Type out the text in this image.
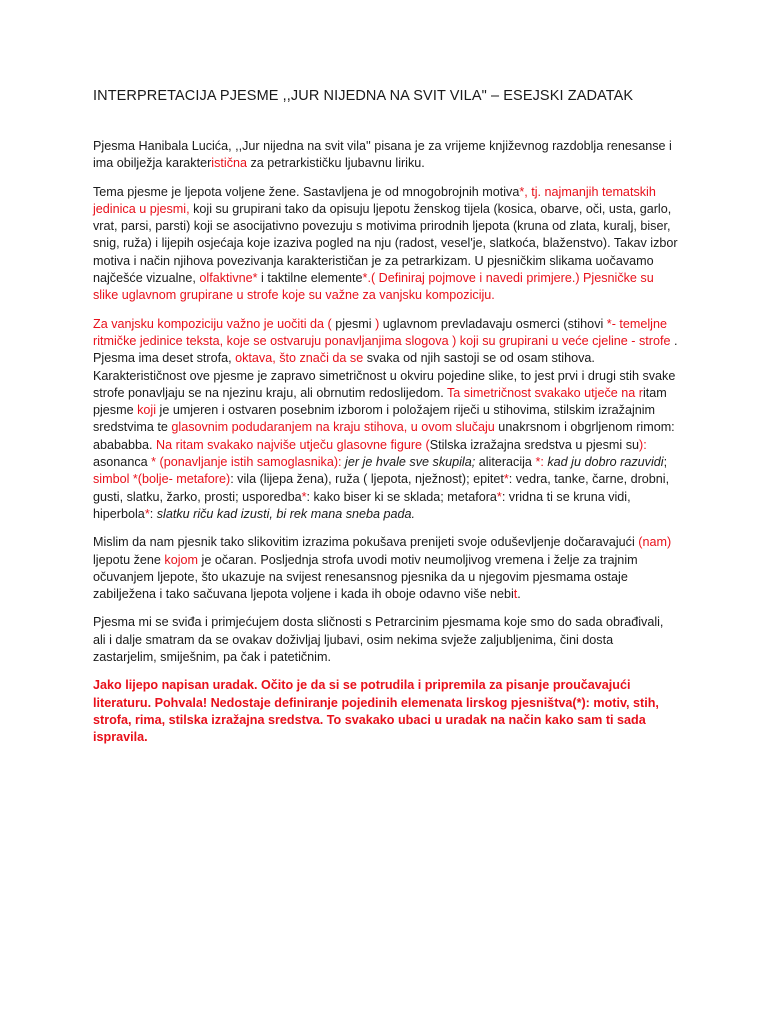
INTERPRETACIJA PJESME ,,JUR NIJEDNA NA SVIT VILA" – ESEJSKI ZADATAK

Pjesma Hanibala Lucića, ,,Jur nijedna na svit vila'' pisana je za vrijeme književnog razdoblja renesanse i ima obilježja karakteristična za petrarkističku ljubavnu liriku.

Tema pjesme je ljepota voljene žene. Sastavljena je od mnogobrojnih motiva*, tj. najmanjih tematskih jedinica u pjesmi, koji su grupirani tako da opisuju ljepotu ženskog tijela (kosica, obarve, oči, usta, garlo, vrat, parsi, parsti) koji se asocijativno povezuju s motivima prirodnih ljepota (kruna od zlata, kuralj, biser, snig, ruža) i lijepih osjećaja koje izaziva pogled na nju (radost, vesel'je, slatkoća, blaženstvo). Takav izbor motiva i način njihova povezivanja karakterističan je za petrarkizam. U pjesničkim slikama uočavamo najčešće vizualne, olfaktivne* i taktilne elemente*.( Definiraj pojmove i navedi primjere.) Pjesničke su slike uglavnom grupirane u strofe koje su važne za vanjsku kompoziciju.

Za vanjsku kompoziciju važno je uočiti da ( pjesmi ) uglavnom prevladavaju osmerci (stihovi *- temeljne ritmičke jedinice teksta, koje se ostvaruju ponavljanjima slogova ) koji su grupirani u veće cjeline - strofe . Pjesma ima deset strofa, oktava, što znači da se svaka od njih sastoji se od osam stihova. Karakterističnost ove pjesme je zapravo simetričnost u okviru pojedine slike, to jest prvi i drugi stih svake strofe ponavljaju se na njezinu kraju, ali obrnutim redoslijedom. Ta simetričnost svakako utječe na ritam pjesme koji je umjeren i ostvaren posebnim izborom i položajem riječi u stihovima, stilskim izražajnim sredstvima te glasovnim podudaranjem na kraju stihova, u ovom slučaju unakrsnom i obgrljenom rimom: abababba. Na ritam svakako najviše utječu glasovne figure (Stilska izražajna sredstva u pjesmi su): asonanca * (ponavljanje istih samoglasnika): jer je hvale sve skupila; aliteracija *: kad ju dobro razuvidi; simbol *(bolje- metafore): vila (lijepa žena), ruža ( ljepota, nježnost); epitet*: vedra, tanke, čarne, drobni, gusti, slatku, žarko, prosti; usporedba*: kako biser ki se sklada; metafora*: vridna ti se kruna vidi, hiperbola*: slatku riču kad izusti, bi rek mana sneba pada.

Mislim da nam pjesnik tako slikovitim izrazima pokušava prenijeti svoje oduševljenje dočaravajući (nam) ljepotu žene kojom je očaran. Posljednja strofa uvodi motiv neumoljivog vremena i želje za trajnim očuvanjem ljepote, što ukazuje na svijest renesansnog pjesnika da u njegovim pjesmama ostaje zabilježena i tako sačuvana ljepota voljene i kada ih oboje odavno više nebit.

Pjesma mi se sviđa i primjećujem dosta sličnosti s Petrarcinim pjesmama koje smo do sada obrađivali, ali i dalje smatram da se ovakav doživljaj ljubavi, osim nekima svježe zaljubljenima, čini dosta zastarjelim, smiješnim, pa čak i patetičnim.

Jako lijepo napisan uradak. Očito je da si se potrudila i pripremila za pisanje proučavajući literaturu. Pohvala! Nedostaje definiranje pojedinih elemenata lirskog pjesništva(*): motiv, stih, strofa, rima, stilska izražajna sredstva. To svakako ubaci u uradak na način kako sam ti sada ispravila.
